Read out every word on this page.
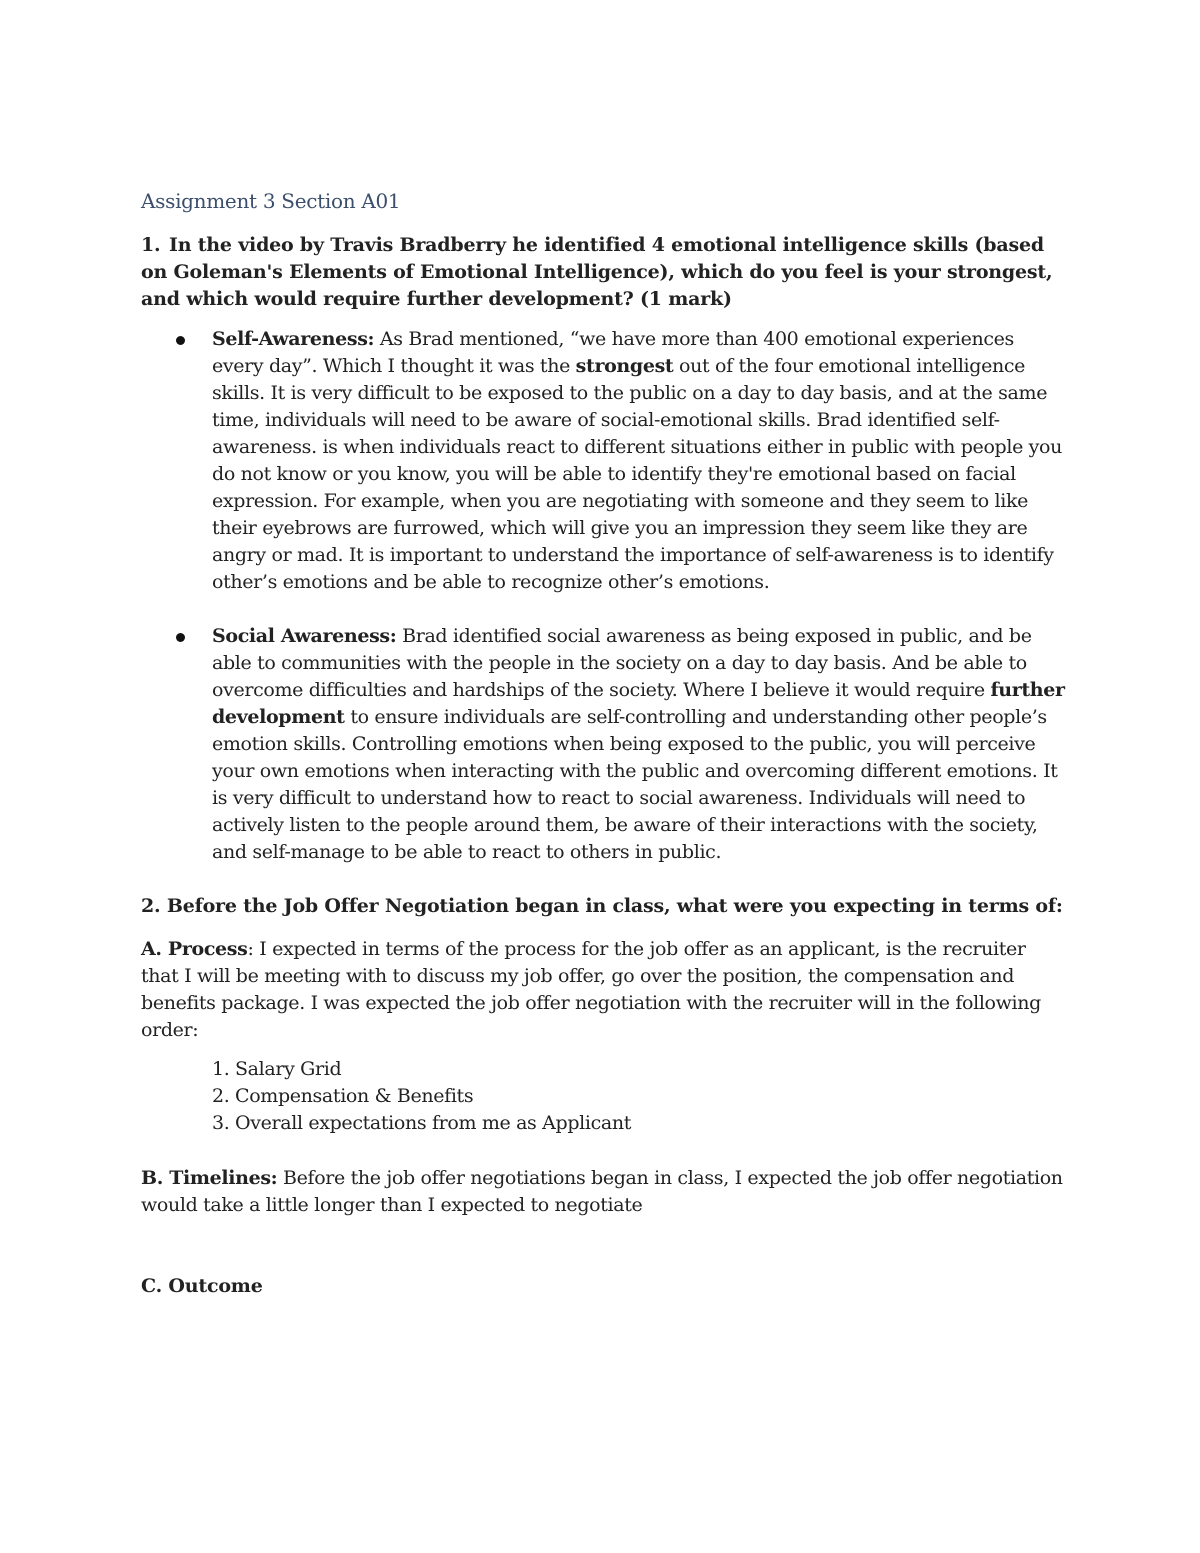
Assignment 3 Section A01

1. In the video by Travis Bradberry he identified 4 emotional intelligence skills (based on Goleman's Elements of Emotional Intelligence), which do you feel is your strongest, and which would require further development? (1 mark)

Self-Awareness: As Brad mentioned, “we have more than 400 emotional experiences every day”. Which I thought it was the strongest out of the four emotional intelligence skills. It is very difficult to be exposed to the public on a day to day basis, and at the same time, individuals will need to be aware of social-emotional skills. Brad identified self-awareness. is when individuals react to different situations either in public with people you do not know or you know, you will be able to identify they're emotional based on facial expression. For example, when you are negotiating with someone and they seem to like their eyebrows are furrowed, which will give you an impression they seem like they are angry or mad. It is important to understand the importance of self-awareness is to identify other’s emotions and be able to recognize other’s emotions.
Social Awareness: Brad identified social awareness as being exposed in public, and be able to communities with the people in the society on a day to day basis. And be able to overcome difficulties and hardships of the society. Where I believe it would require further development to ensure individuals are self-controlling and understanding other people’s emotion skills. Controlling emotions when being exposed to the public, you will perceive your own emotions when interacting with the public and overcoming different emotions. It is very difficult to understand how to react to social awareness. Individuals will need to actively listen to the people around them, be aware of their interactions with the society, and self-manage to be able to react to others in public.

2. Before the Job Offer Negotiation began in class, what were you expecting in terms of:

A. Process: I expected in terms of the process for the job offer as an applicant, is the recruiter that I will be meeting with to discuss my job offer, go over the position, the compensation and benefits package. I was expected the job offer negotiation with the recruiter will in the following order:

1. Salary Grid
2. Compensation & Benefits
3. Overall expectations from me as Applicant

B. Timelines: Before the job offer negotiations began in class, I expected the job offer negotiation would take a little longer than I expected to negotiate

C. Outcome
